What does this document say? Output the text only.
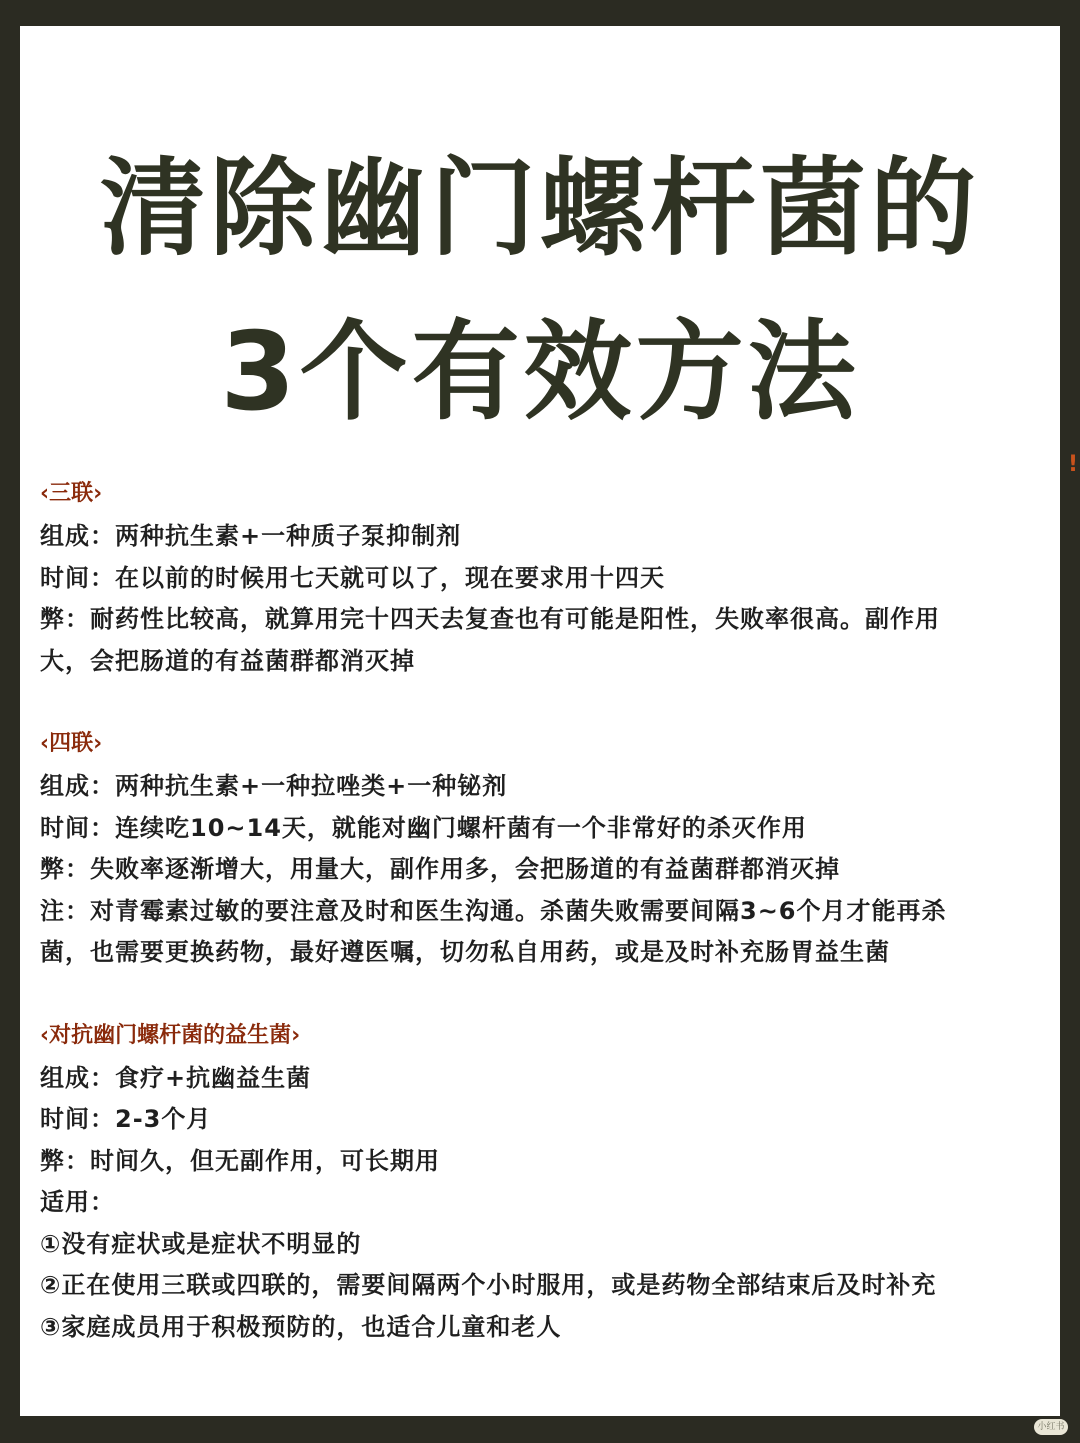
清除幽门螺杆菌的
3个有效方法
‹三联›
组成：两种抗生素+一种质子泵抑制剂
时间：在以前的时候用七天就可以了，现在要求用十四天
弊：耐药性比较高，就算用完十四天去复查也有可能是阳性，失败率很高。副作用
大，会把肠道的有益菌群都消灭掉
‹四联›
组成：两种抗生素+一种拉唑类+一种铋剂
时间：连续吃10~14天，就能对幽门螺杆菌有一个非常好的杀灭作用
弊：失败率逐渐增大，用量大，副作用多，会把肠道的有益菌群都消灭掉
注：对青霉素过敏的要注意及时和医生沟通。杀菌失败需要间隔3~6个月才能再杀
菌，也需要更换药物，最好遵医嘱，切勿私自用药，或是及时补充肠胃益生菌
‹对抗幽门螺杆菌的益生菌›
组成：食疗+抗幽益生菌
时间：2-3个月
弊：时间久，但无副作用，可长期用
适用：
①没有症状或是症状不明显的
②正在使用三联或四联的，需要间隔两个小时服用，或是药物全部结束后及时补充
③家庭成员用于积极预防的，也适合儿童和老人
!
小红书
